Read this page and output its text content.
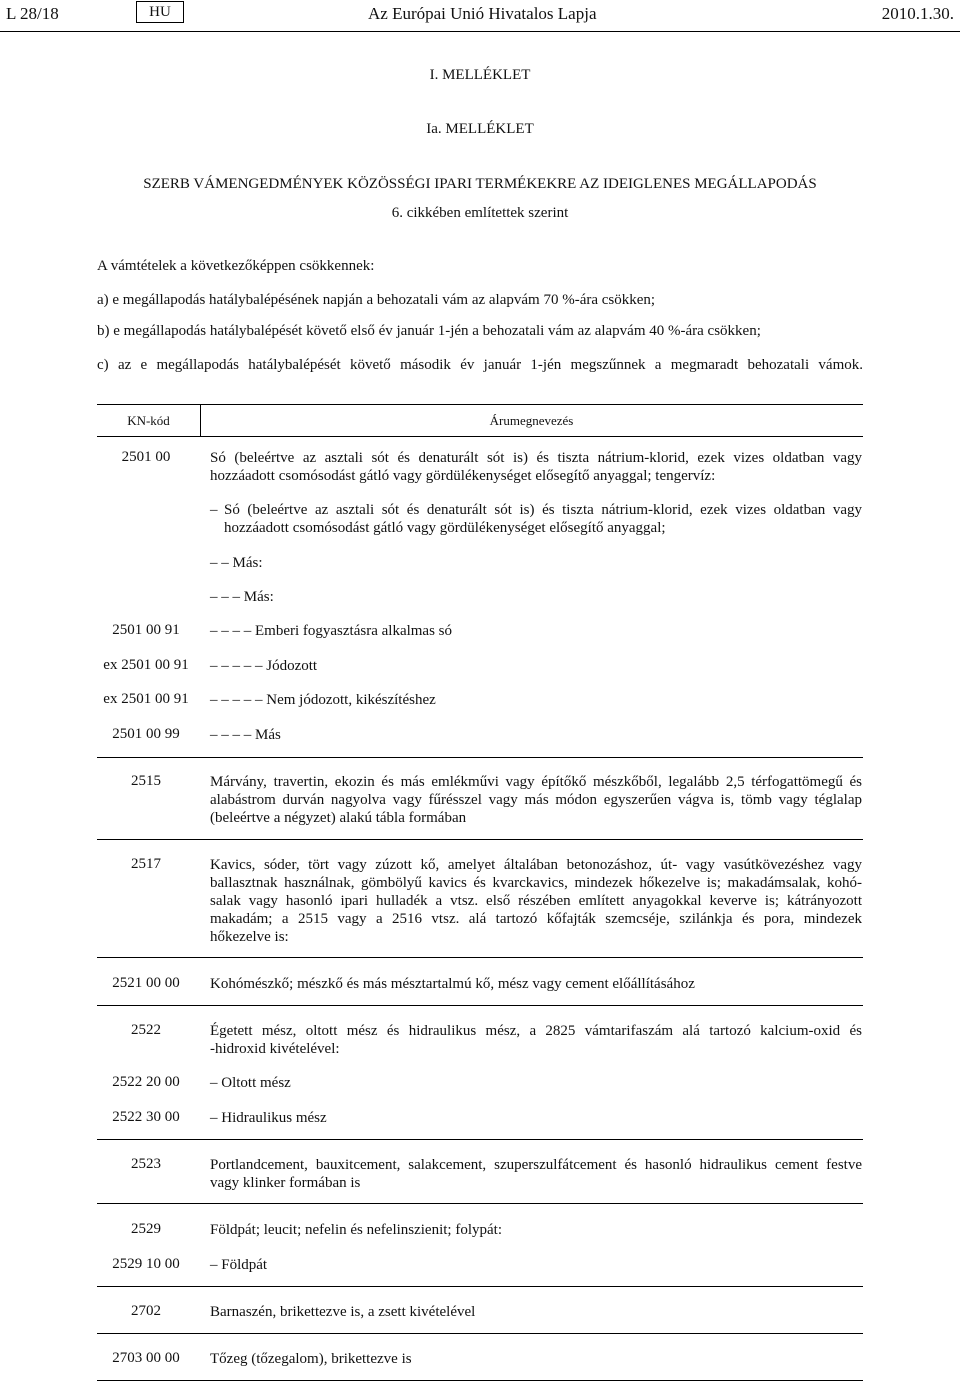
L 28/18	HU	Az Európai Unió Hivatalos Lapja	2010.1.30.
I. MELLÉKLET
Ia. MELLÉKLET
SZERB VÁMENGEDMÉNYEK KÖZÖSSÉGI IPARI TERMÉKEKRE AZ IDEIGLENES MEGÁLLAPODÁS
6. cikkében említettek szerint
A vámtételek a következőképpen csökkennek:
a) e megállapodás hatálybalépésének napján a behozatali vám az alapvám 70 %-ára csökken;
b) e megállapodás hatálybalépését követő első év január 1-jén a behozatali vám az alapvám 40 %-ára csökken;
c) az e megállapodás hatálybalépését követő második év január 1-jén megszűnnek a megmaradt behozatali vámok.
KN-kód	Árumegnevezés
2501 00	Só (beleértve az asztali sót és denaturált sót is) és tiszta nátrium-klorid, ezek vizes oldatban vagy
hozzáadott csomósodást gátló vagy gördülékenységet elősegítő anyaggal; tengervíz:
– Só (beleértve az asztali sót és denaturált sót is) és tiszta nátrium-klorid, ezek vizes oldatban vagy
hozzáadott csomósodást gátló vagy gördülékenységet elősegítő anyaggal;
– – Más:
– – – Más:
2501 00 91	– – – – Emberi fogyasztásra alkalmas só
ex 2501 00 91	– – – – – Jódozott
ex 2501 00 91	– – – – – Nem jódozott, kikészítéshez
2501 00 99	– – – – Más
2515	Márvány, travertin, ekozin és más emlékművi vagy építőkő mészkőből, legalább 2,5 térfogattömegű és
alabástrom durván nagyolva vagy fűrésszel vagy más módon egyszerűen vágva is, tömb vagy téglalap
(beleértve a négyzet) alakú tábla formában
2517	Kavics, sóder, tört vagy zúzott kő, amelyet általában betonozáshoz, út- vagy vasútkövezéshez vagy
ballasztnak használnak, gömbölyű kavics és kvarckavics, mindezek hőkezelve is; makadámsalak, kohó-
salak vagy hasonló ipari hulladék a vtsz. első részében említett anyagokkal keverve is; kátrányozott
makadám; a 2515 vagy a 2516 vtsz. alá tartozó kőfajták szemcséje, szilánkja és pora, mindezek
hőkezelve is:
2521 00 00	Kohómészkő; mészkő és más mésztartalmú kő, mész vagy cement előállításához
2522	Égetett mész, oltott mész és hidraulikus mész, a 2825 vámtarifaszám alá tartozó kalcium-oxid és
-hidroxid kivételével:
2522 20 00	– Oltott mész
2522 30 00	– Hidraulikus mész
2523	Portlandcement, bauxitcement, salakcement, szuperszulfátcement és hasonló hidraulikus cement festve
vagy klinker formában is
2529	Földpát; leucit; nefelin és nefelinszienit; folypát:
2529 10 00	– Földpát
2702	Barnaszén, brikettezve is, a zsett kivételével
2703 00 00	Tőzeg (tőzegalom), brikettezve is
